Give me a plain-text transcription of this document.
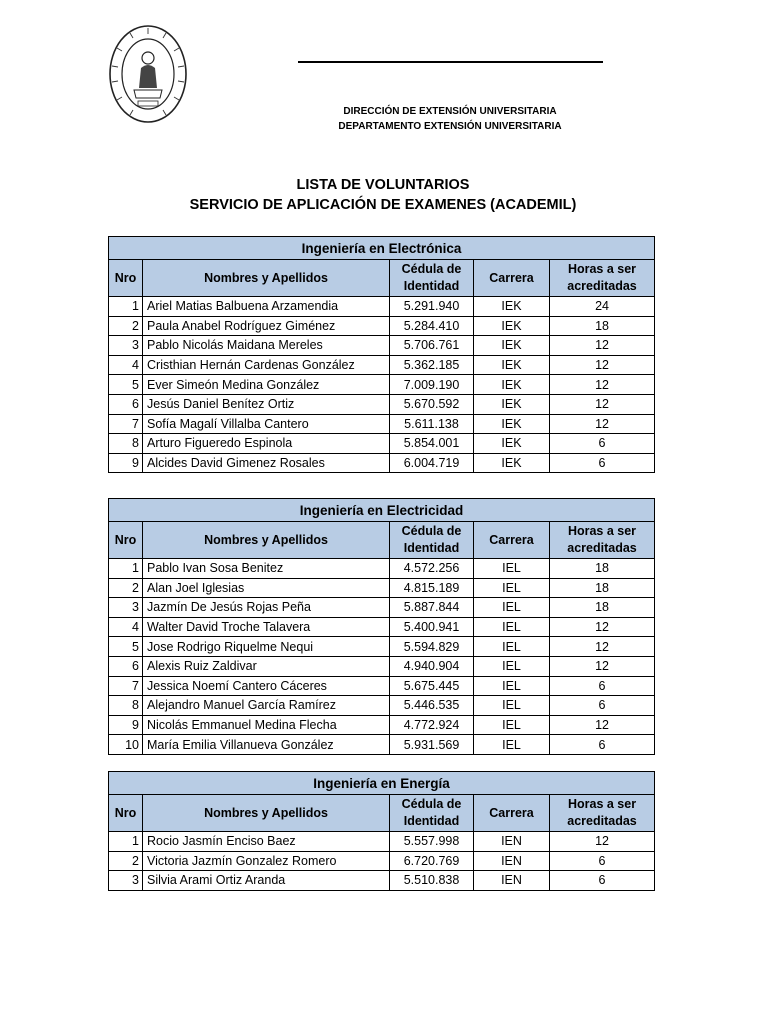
DIRECCIÓN DE EXTENSIÓN UNIVERSITARIA
DEPARTAMENTO EXTENSIÓN UNIVERSITARIA
LISTA DE VOLUNTARIOS
SERVICIO DE APLICACIÓN DE EXAMENES (ACADEMIL)
Ingeniería en Electrónica				
Nro	Nombres y Apellidos	Cédula de Identidad	Carrera	Horas a ser acreditadas
1	Ariel Matias Balbuena Arzamendia	5.291.940	IEK	24
2	Paula Anabel Rodríguez Giménez	5.284.410	IEK	18
3	Pablo Nicolás Maidana Mereles	5.706.761	IEK	12
4	Cristhian Hernán Cardenas González	5.362.185	IEK	12
5	Ever Simeón Medina González	7.009.190	IEK	12
6	Jesús Daniel Benítez Ortiz	5.670.592	IEK	12
7	Sofía Magalí Villalba Cantero	5.611.138	IEK	12
8	Arturo Figueredo Espinola	5.854.001	IEK	6
9	Alcides David Gimenez Rosales	6.004.719	IEK	6
Ingeniería en Electricidad				
Nro	Nombres y Apellidos	Cédula de Identidad	Carrera	Horas a ser acreditadas
1	Pablo Ivan Sosa Benitez	4.572.256	IEL	18
2	Alan Joel Iglesias	4.815.189	IEL	18
3	Jazmín De Jesús Rojas Peña	5.887.844	IEL	18
4	Walter David Troche Talavera	5.400.941	IEL	12
5	Jose Rodrigo Riquelme Nequi	5.594.829	IEL	12
6	Alexis Ruiz Zaldivar	4.940.904	IEL	12
7	Jessica Noemí Cantero Cáceres	5.675.445	IEL	6
8	Alejandro Manuel García Ramírez	5.446.535	IEL	6
9	Nicolás Emmanuel Medina Flecha	4.772.924	IEL	12
10	María Emilia Villanueva González	5.931.569	IEL	6
Ingeniería en Energía				
Nro	Nombres y Apellidos	Cédula de Identidad	Carrera	Horas a ser acreditadas
1	Rocio Jasmín Enciso Baez	5.557.998	IEN	12
2	Victoria Jazmín Gonzalez Romero	6.720.769	IEN	6
3	Silvia Arami Ortiz Aranda	5.510.838	IEN	6
